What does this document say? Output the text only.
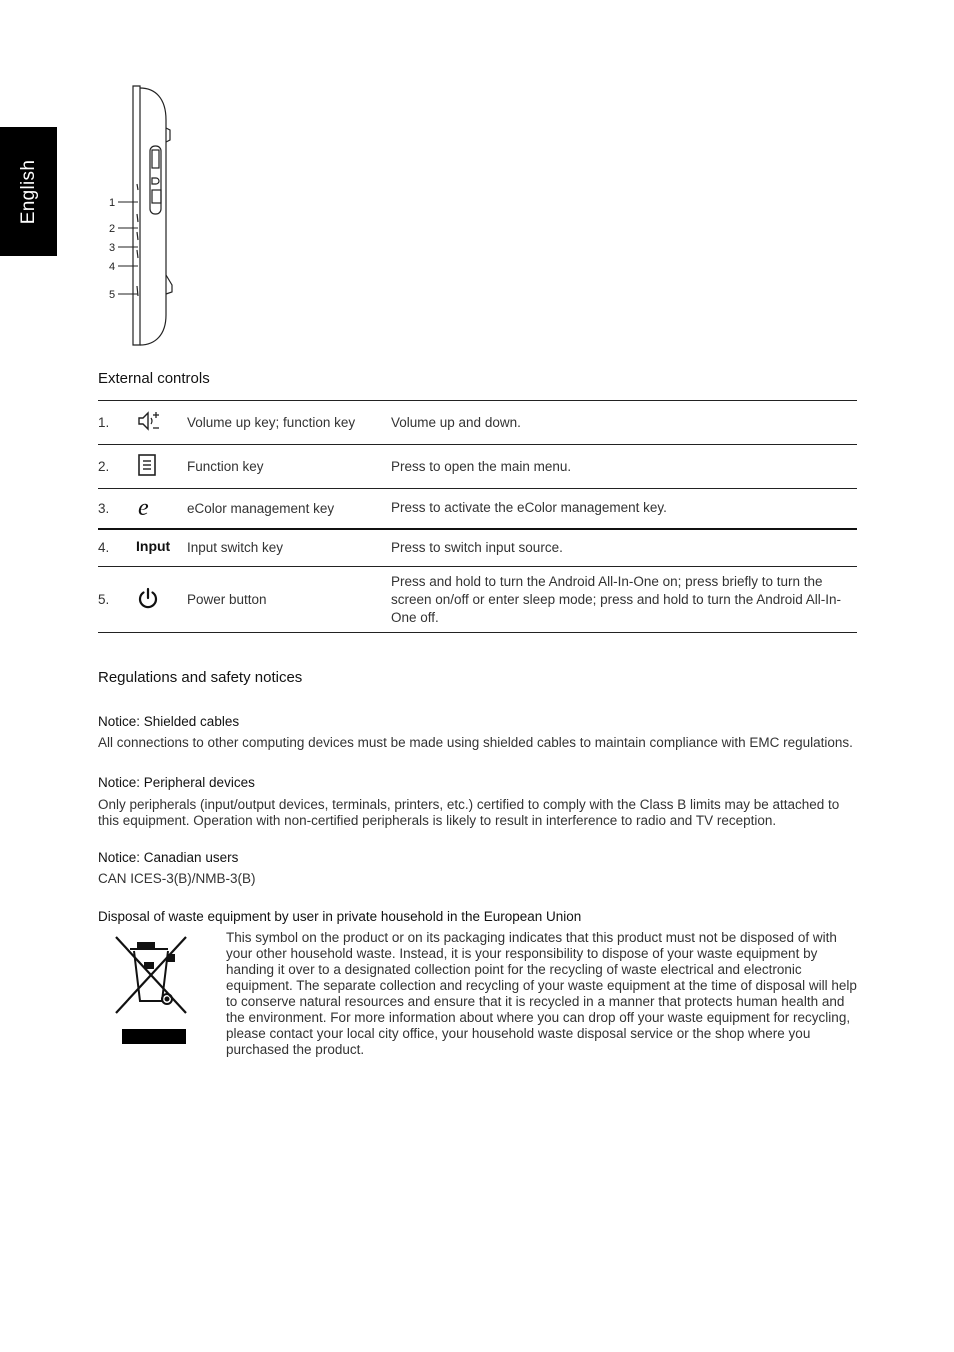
English	1
2
3
4
5
External controls
1.		Volume up key; function key	Volume up and down.
2.		Function key	Press to open the main menu.
3.	e	eColor management key	Press to activate the eColor management key.
4.	Input	Input switch key	Press to switch input source.
5.		Power button	Press and hold to turn the Android All-In-One on; press briefly to turn the screen on/off or enter sleep mode; press and hold to turn the Android All-In-One off.
Regulations and safety notices

Notice: Shielded cables

All connections to other computing devices must be made using shielded cables to maintain compliance with EMC regulations.

Notice: Peripheral devices

Only peripherals (input/output devices, terminals, printers, etc.) certified to comply with the Class B limits may be attached to this equipment. Operation with non-certified peripherals is likely to result in interference to radio and TV reception.

Notice: Canadian users

CAN ICES-3(B)/NMB-3(B)

Disposal of waste equipment by user in private household in the European Union

This symbol on the product or on its packaging indicates that this product must not be disposed of with your other household waste. Instead, it is your responsibility to dispose of your waste equipment by handing it over to a designated collection point for the recycling of waste electrical and electronic equipment. The separate collection and recycling of your waste equipment at the time of disposal will help to conserve natural resources and ensure that it is recycled in a manner that protects human health and the environment. For more information about where you can drop off your waste equipment for recycling, please contact your local city office, your household waste disposal service or the shop where you purchased the product.
